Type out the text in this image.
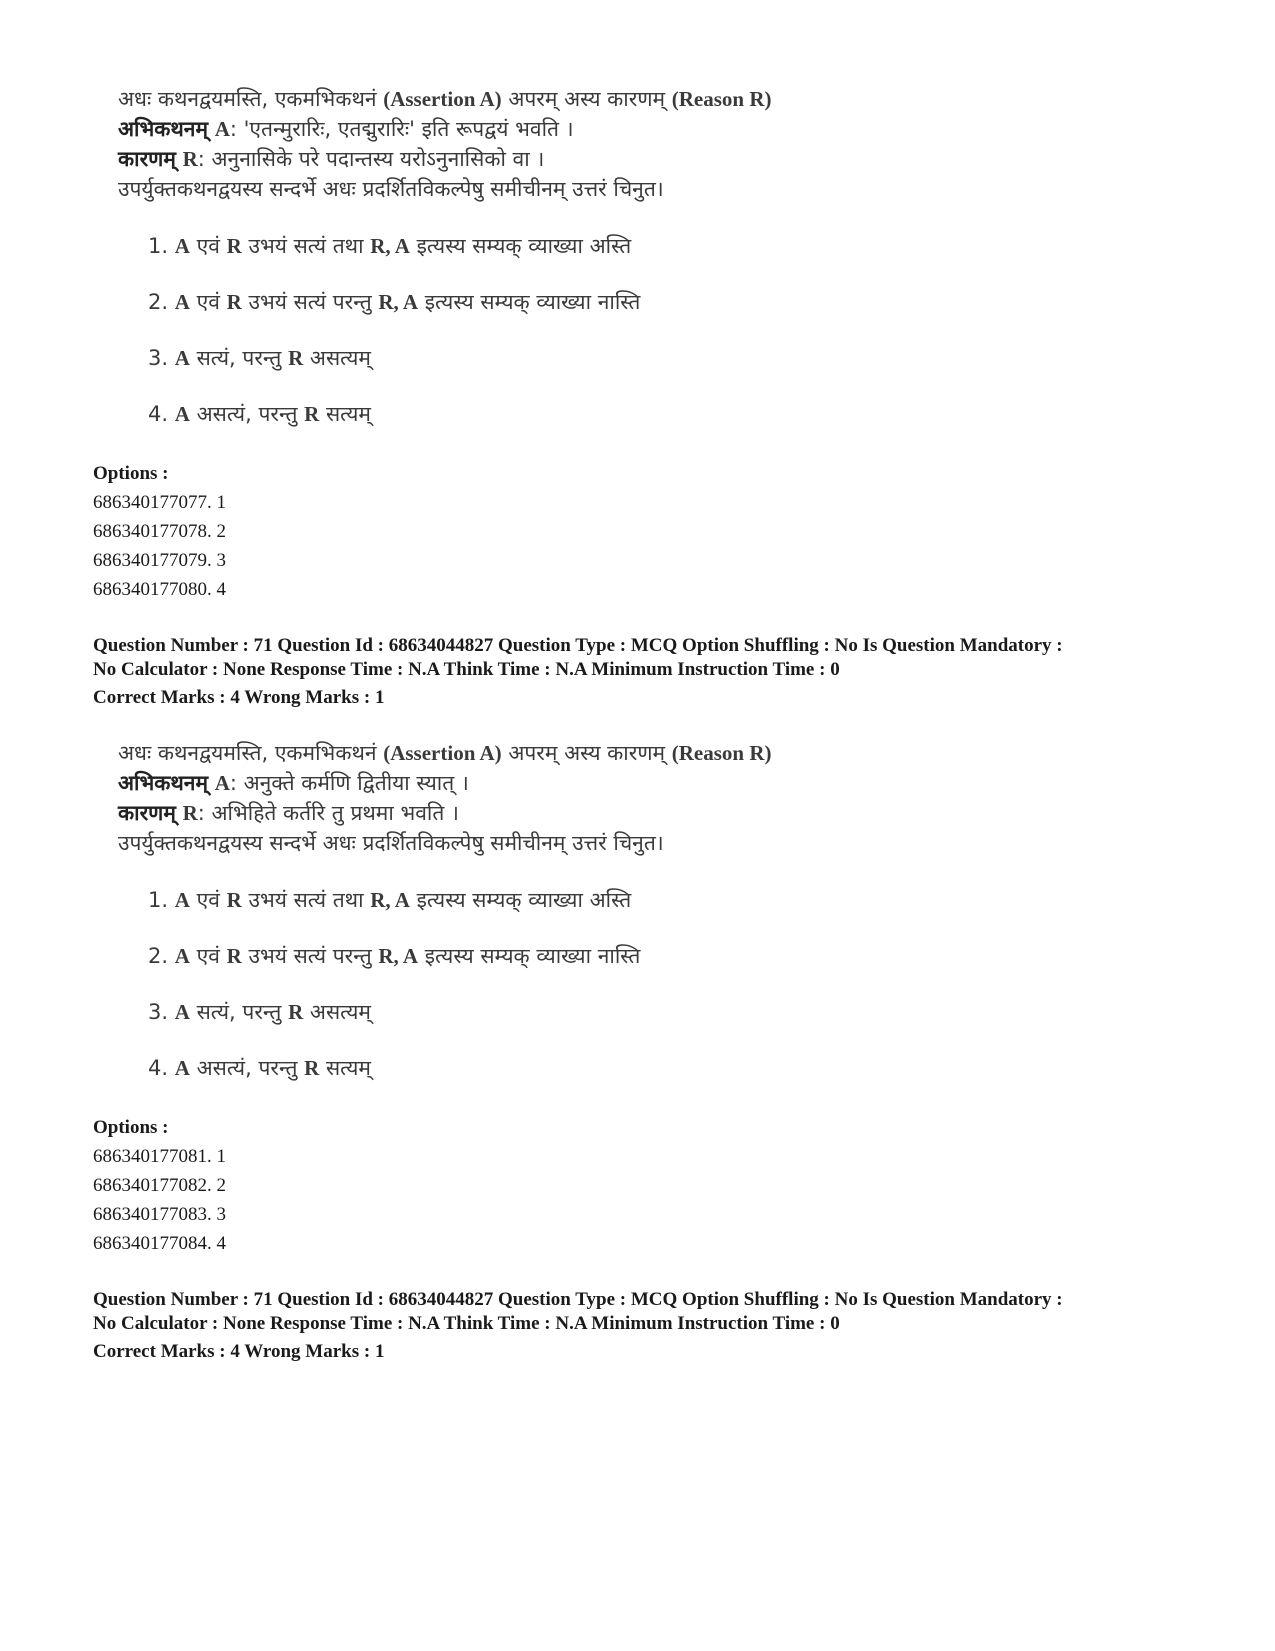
अधः कथनद्वयमस्ति, एकमभिकथनं (Assertion A) अपरम् अस्य कारणम् (Reason R)
अभिकथनम् A: 'एतन्मुरारिः, एतद्मुरारिः' इति रूपद्वयं भवति ।
कारणम् R: अनुनासिके परे पदान्तस्य यरोऽनुनासिको वा ।
उपर्युक्तकथनद्वयस्य सन्दर्भे अधः प्रदर्शितविकल्पेषु समीचीनम् उत्तरं चिनुत।
1. A एवं R उभयं सत्यं तथा R, A इत्यस्य सम्यक् व्याख्या अस्ति
2. A एवं R उभयं सत्यं परन्तु R, A इत्यस्य सम्यक् व्याख्या नास्ति
3. A सत्यं, परन्तु R असत्यम्
4. A असत्यं, परन्तु R सत्यम्
Options :
686340177077. 1
686340177078. 2
686340177079. 3
686340177080. 4
Question Number : 71 Question Id : 68634044827 Question Type : MCQ Option Shuffling : No Is Question Mandatory :
No Calculator : None Response Time : N.A Think Time : N.A Minimum Instruction Time : 0
Correct Marks : 4 Wrong Marks : 1
अधः कथनद्वयमस्ति, एकमभिकथनं (Assertion A) अपरम् अस्य कारणम् (Reason R)
अभिकथनम् A: अनुक्ते कर्मणि द्वितीया स्यात् ।
कारणम् R: अभिहिते कर्तरि तु प्रथमा भवति ।
उपर्युक्तकथनद्वयस्य सन्दर्भे अधः प्रदर्शितविकल्पेषु समीचीनम् उत्तरं चिनुत।
1. A एवं R उभयं सत्यं तथा R, A इत्यस्य सम्यक् व्याख्या अस्ति
2. A एवं R उभयं सत्यं परन्तु R, A इत्यस्य सम्यक् व्याख्या नास्ति
3. A सत्यं, परन्तु R असत्यम्
4. A असत्यं, परन्तु R सत्यम्
Options :
686340177081. 1
686340177082. 2
686340177083. 3
686340177084. 4
Question Number : 71 Question Id : 68634044827 Question Type : MCQ Option Shuffling : No Is Question Mandatory :
No Calculator : None Response Time : N.A Think Time : N.A Minimum Instruction Time : 0
Correct Marks : 4 Wrong Marks : 1
